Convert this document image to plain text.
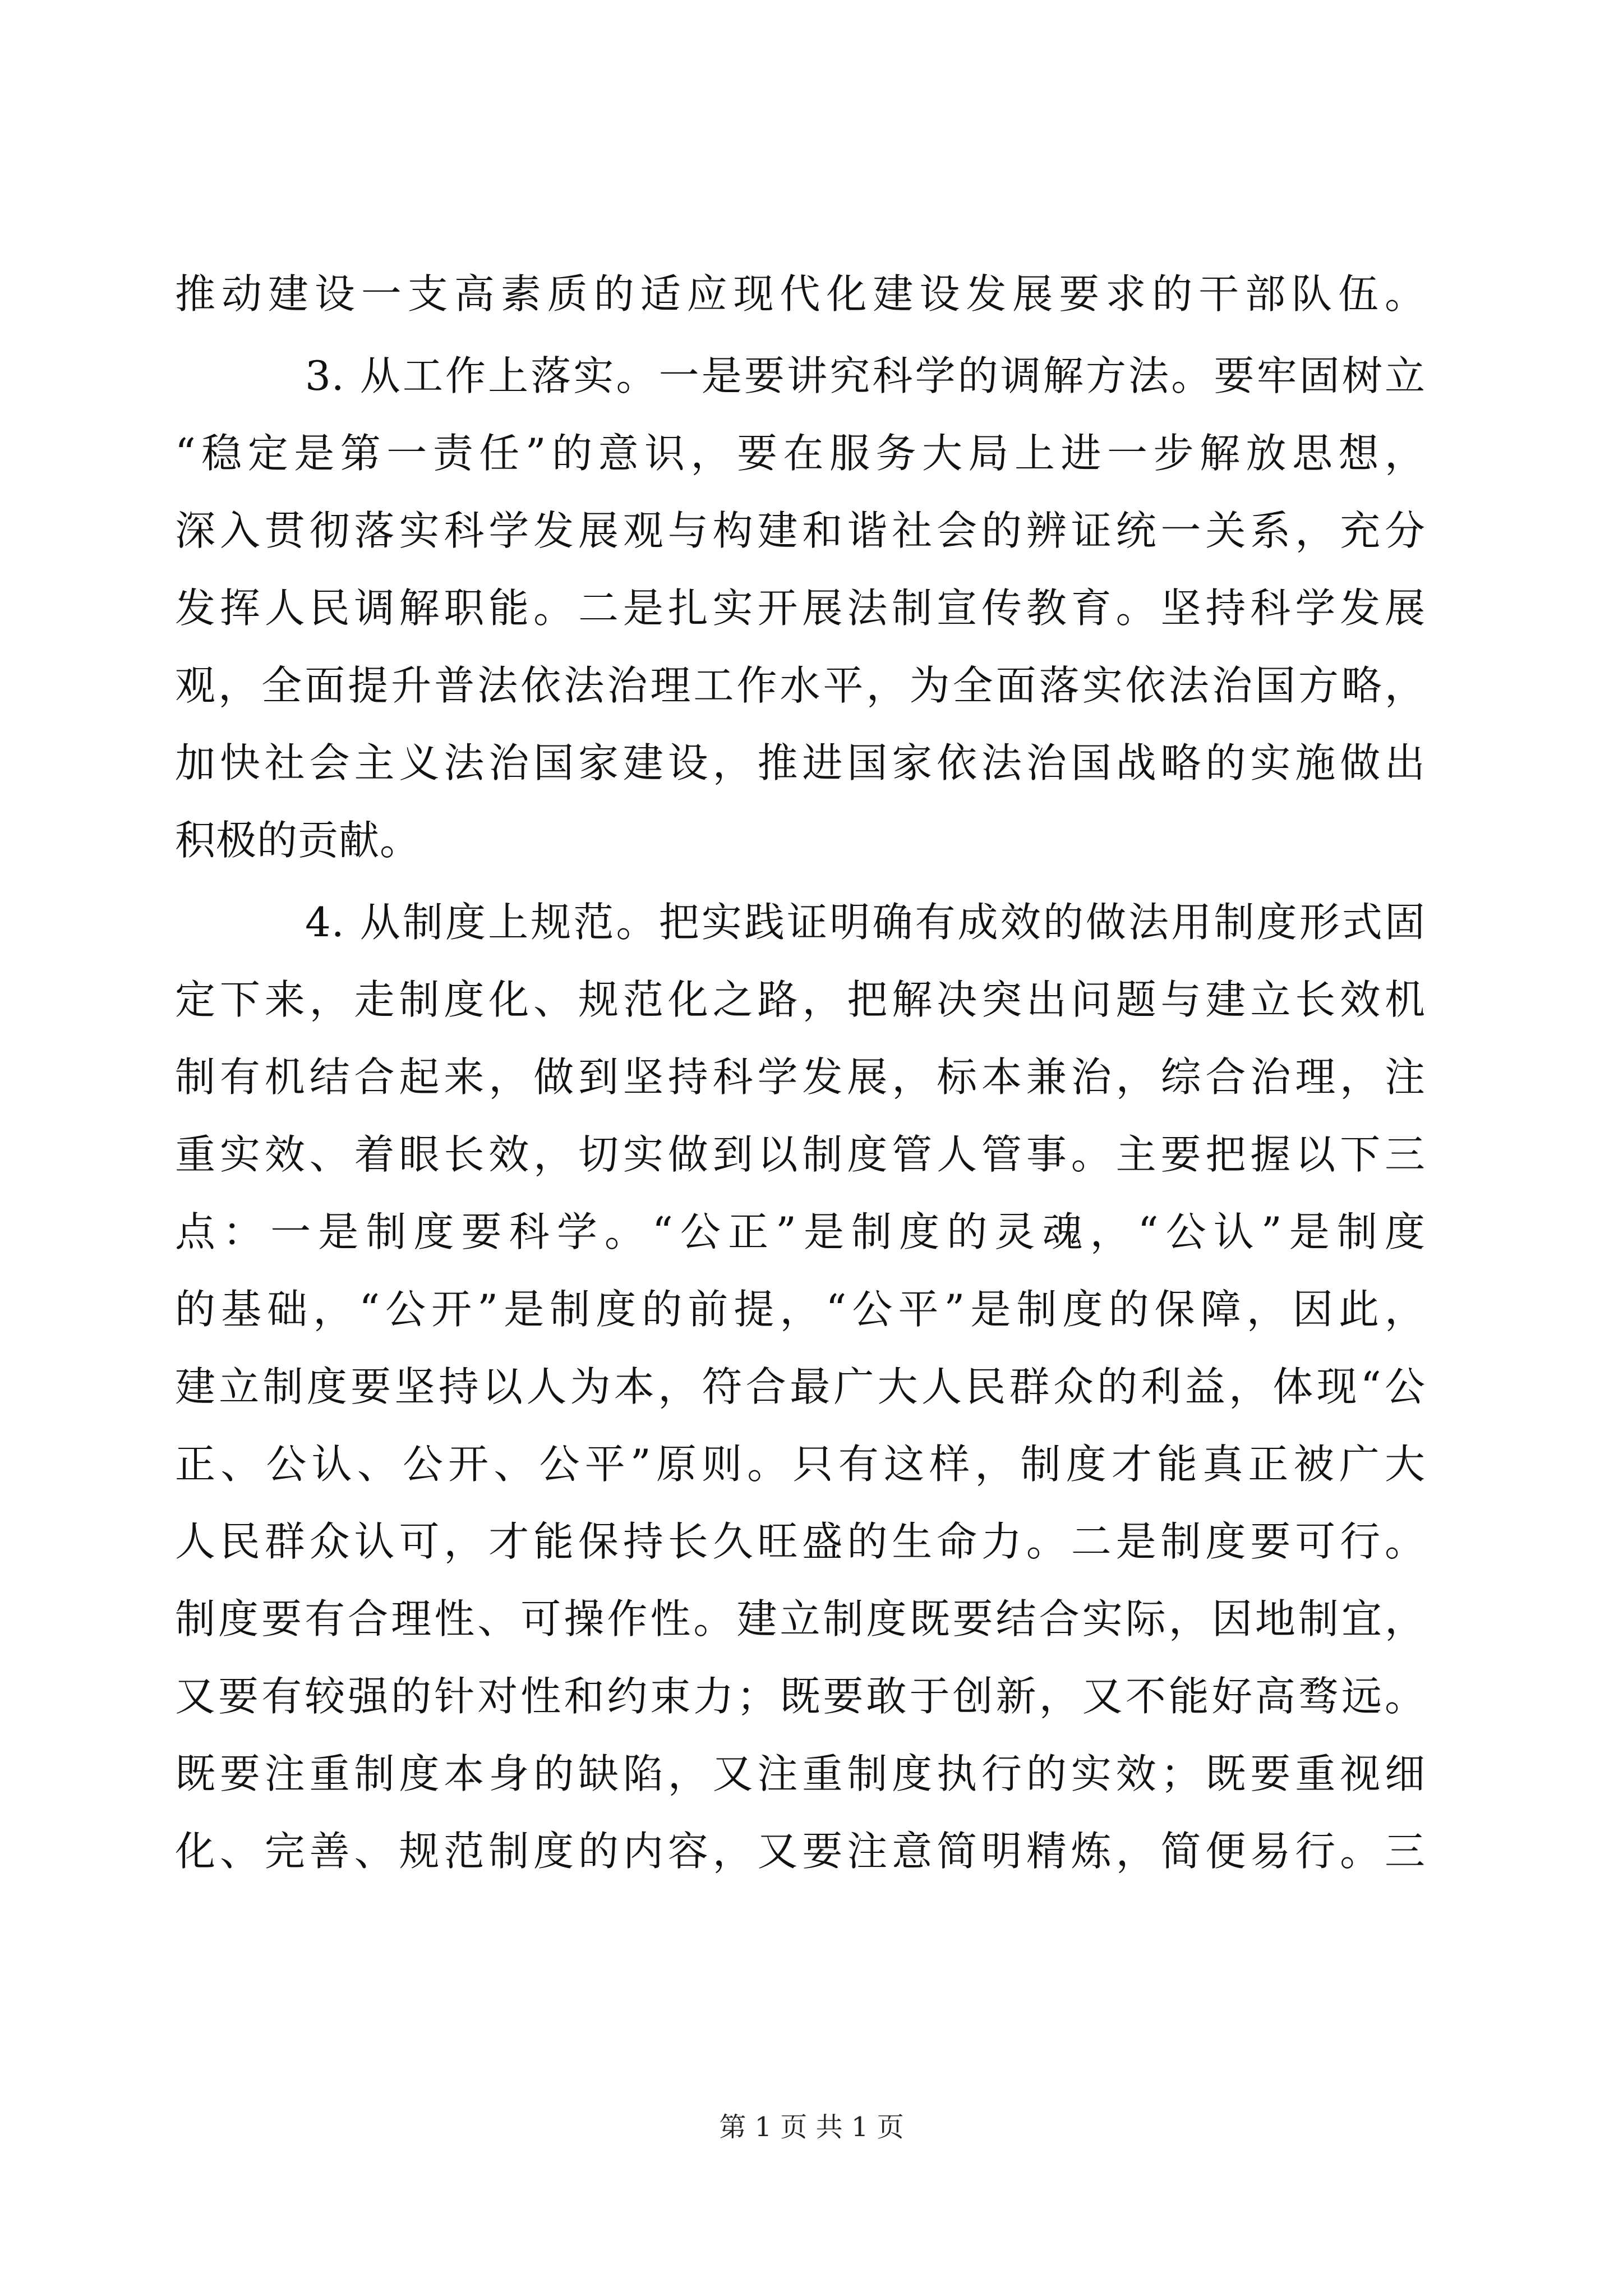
推动建设一支高素质的适应现代化建设发展要求的干部队伍。
3. 从工作上落实。一是要讲究科学的调解方法。要牢固树立
“稳定是第一责任”的意识，要在服务大局上进一步解放思想，
深入贯彻落实科学发展观与构建和谐社会的辨证统一关系，充分
发挥人民调解职能。二是扎实开展法制宣传教育。坚持科学发展
观，全面提升普法依法治理工作水平，为全面落实依法治国方略，
加快社会主义法治国家建设，推进国家依法治国战略的实施做出
积极的贡献。
4. 从制度上规范。把实践证明确有成效的做法用制度形式固
定下来，走制度化、规范化之路，把解决突出问题与建立长效机
制有机结合起来，做到坚持科学发展，标本兼治，综合治理，注
重实效、着眼长效，切实做到以制度管人管事。主要把握以下三
点：一是制度要科学。“公正”是制度的灵魂，“公认”是制度
的基础，“公开”是制度的前提，“公平”是制度的保障，因此，
建立制度要坚持以人为本，符合最广大人民群众的利益，体现“公
正、公认、公开、公平”原则。只有这样，制度才能真正被广大
人民群众认可，才能保持长久旺盛的生命力。二是制度要可行。
制度要有合理性、可操作性。建立制度既要结合实际，因地制宜，
又要有较强的针对性和约束力；既要敢于创新，又不能好高骛远。
既要注重制度本身的缺陷，又注重制度执行的实效；既要重视细
化、完善、规范制度的内容，又要注意简明精炼，简便易行。三
第 1 页 共 1 页
